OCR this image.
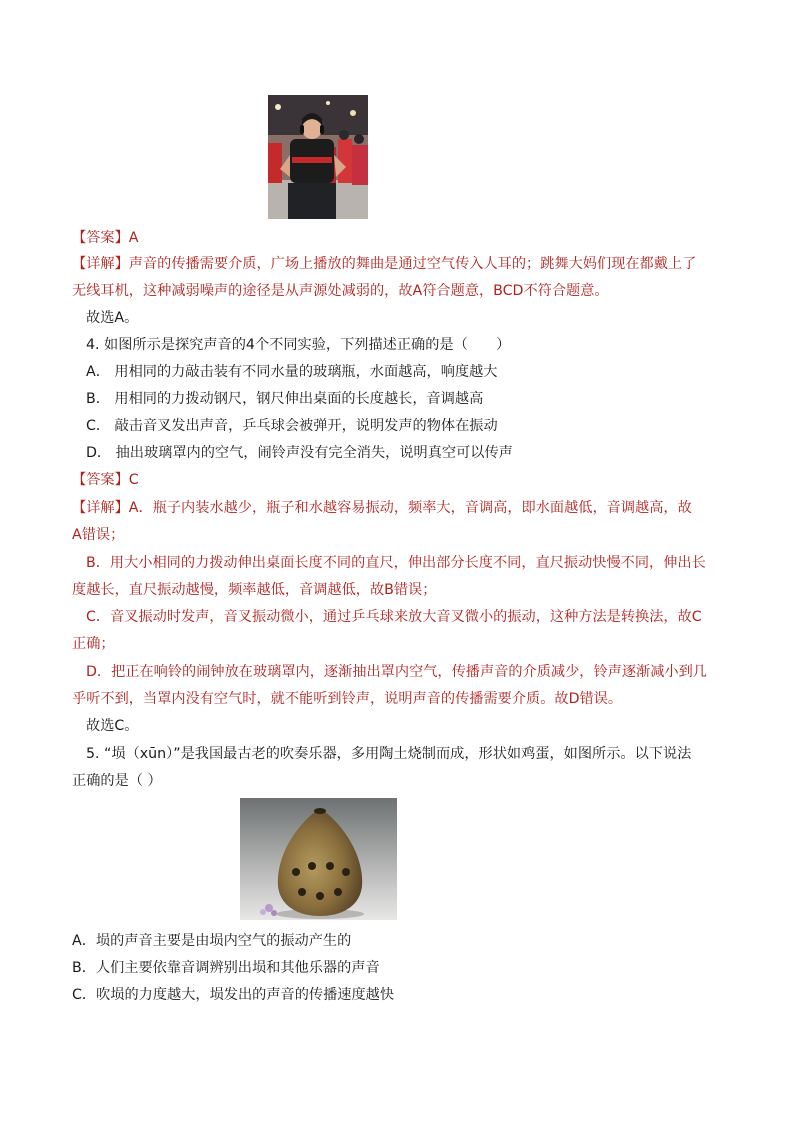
【答案】A
【详解】声音的传播需要介质，广场上播放的舞曲是通过空气传入人耳的；跳舞大妈们现在都戴上了
无线耳机，这种减弱噪声的途径是从声源处减弱的，故A符合题意，BCD不符合题意。
故选A。
4. 如图所示是探究声音的4个不同实验，下列描述正确的是（　　）
A． 用相同的力敲击装有不同水量的玻璃瓶，水面越高，响度越大
B． 用相同的力拨动钢尺，钢尺伸出桌面的长度越长，音调越高
C． 敲击音叉发出声音，乒乓球会被弹开，说明发声的物体在振动
D． 抽出玻璃罩内的空气，闹铃声没有完全消失，说明真空可以传声
【答案】C
【详解】A．瓶子内装水越少，瓶子和水越容易振动，频率大，音调高，即水面越低，音调越高，故
A错误；
B．用大小相同的力拨动伸出桌面长度不同的直尺，伸出部分长度不同，直尺振动快慢不同，伸出长
度越长，直尺振动越慢，频率越低，音调越低，故B错误；
C．音叉振动时发声，音叉振动微小，通过乒乓球来放大音叉微小的振动，这种方法是转换法，故C
正确；
D．把正在响铃的闹钟放在玻璃罩内，逐渐抽出罩内空气，传播声音的介质减少，铃声逐渐减小到几
乎听不到，当罩内没有空气时，就不能听到铃声，说明声音的传播需要介质。故D错误。
故选C。
5. “埙（xūn）”是我国最古老的吹奏乐器，多用陶土烧制而成，形状如鸡蛋，如图所示。以下说法
正确的是（ ）
A．埙的声音主要是由埙内空气的振动产生的
B．人们主要依靠音调辨别出埙和其他乐器的声音
C．吹埙的力度越大，埙发出的声音的传播速度越快
